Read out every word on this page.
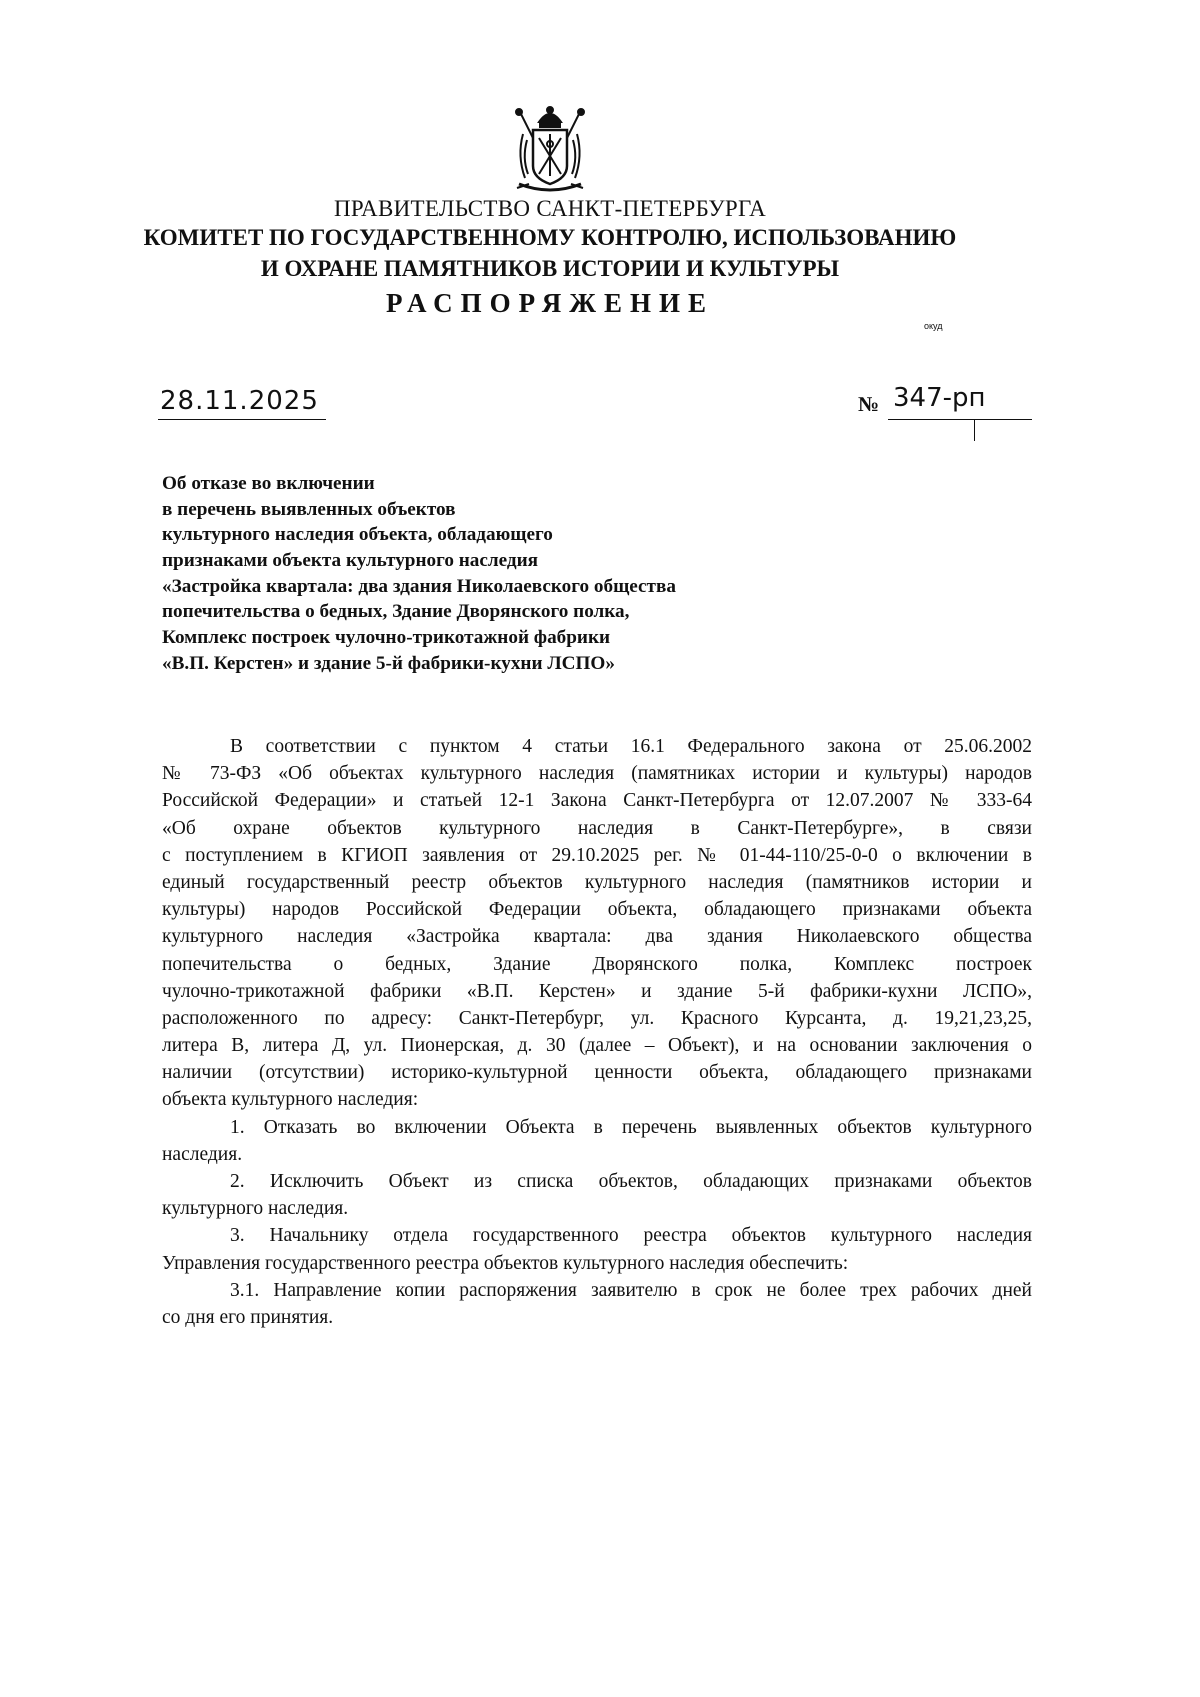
ПРАВИТЕЛЬСТВО САНКТ-ПЕТЕРБУРГА
КОМИТЕТ ПО ГОСУДАРСТВЕННОМУ КОНТРОЛЮ, ИСПОЛЬЗОВАНИЮ
И ОХРАНЕ ПАМЯТНИКОВ ИСТОРИИ И КУЛЬТУРЫ
РАСПОРЯЖЕНИЕ
окуд
28.11.2025	№ 347-рп
Об отказе во включении
в перечень выявленных объектов
культурного наследия объекта, обладающего
признаками объекта культурного наследия
«Застройка квартала: два здания Николаевского общества
попечительства о бедных, Здание Дворянского полка,
Комплекс построек чулочно-трикотажной фабрики
«В.П. Керстен» и здание 5-й фабрики-кухни ЛСПО»
В соответствии с пунктом 4 статьи 16.1 Федерального закона от 25.06.2002
№ 73-ФЗ «Об объектах культурного наследия (памятниках истории и культуры) народов
Российской Федерации» и статьей 12-1 Закона Санкт-Петербурга от 12.07.2007 № 333-64
«Об охране объектов культурного наследия в Санкт-Петербурге», в связи
с поступлением в КГИОП заявления от 29.10.2025 рег. № 01-44-110/25-0-0 о включении в
единый государственный реестр объектов культурного наследия (памятников истории и
культуры) народов Российской Федерации объекта, обладающего признаками объекта
культурного наследия «Застройка квартала: два здания Николаевского общества
попечительства о бедных, Здание Дворянского полка, Комплекс построек
чулочно-трикотажной фабрики «В.П. Керстен» и здание 5-й фабрики-кухни ЛСПО»,
расположенного по адресу: Санкт-Петербург, ул. Красного Курсанта, д. 19,21,23,25,
литера В, литера Д, ул. Пионерская, д. 30 (далее – Объект), и на основании заключения о
наличии (отсутствии) историко-культурной ценности объекта, обладающего признаками
объекта культурного наследия:
1. Отказать во включении Объекта в перечень выявленных объектов культурного
наследия.
2. Исключить Объект из списка объектов, обладающих признаками объектов
культурного наследия.
3. Начальнику отдела государственного реестра объектов культурного наследия
Управления государственного реестра объектов культурного наследия обеспечить:
3.1. Направление копии распоряжения заявителю в срок не более трех рабочих дней
со дня его принятия.
